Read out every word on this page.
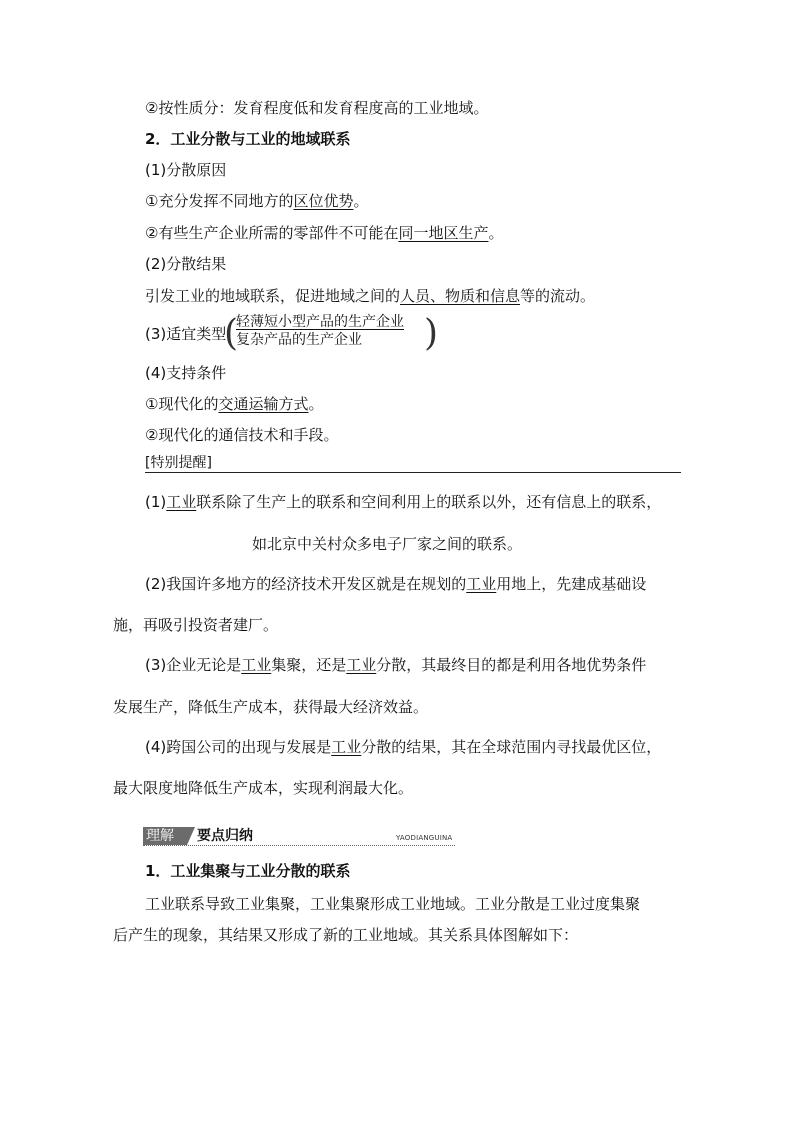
②按性质分：发育程度低和发育程度高的工业地域。
2．工业分散与工业的地域联系
(1)分散原因
①充分发挥不同地方的区位优势。
②有些生产企业所需的零部件不可能在同一地区生产。
(2)分散结果
引发工业的地域联系，促进地域之间的人员、物质和信息等的流动。
(3)适宜类型
(
轻薄短小型产品的生产企业
复杂产品的生产企业 )
(4)支持条件
①现代化的交通运输方式。
②现代化的通信技术和手段。
[特别提醒]
(1)工业联系除了生产上的联系和空间利用上的联系以外，还有信息上的联系，
如北京中关村众多电子厂家之间的联系。
(2)我国许多地方的经济技术开发区就是在规划的工业用地上，先建成基础设
施，再吸引投资者建厂。
(3)企业无论是工业集聚，还是工业分散，其最终目的都是利用各地优势条件
发展生产，降低生产成本，获得最大经济效益。
(4)跨国公司的出现与发展是工业分散的结果，其在全球范围内寻找最优区位，
最大限度地降低生产成本，实现利润最大化。
理解	要点归纳	YAODIANGUINA
1．工业集聚与工业分散的联系
工业联系导致工业集聚，工业集聚形成工业地域。工业分散是工业过度集聚
后产生的现象，其结果又形成了新的工业地域。其关系具体图解如下：
